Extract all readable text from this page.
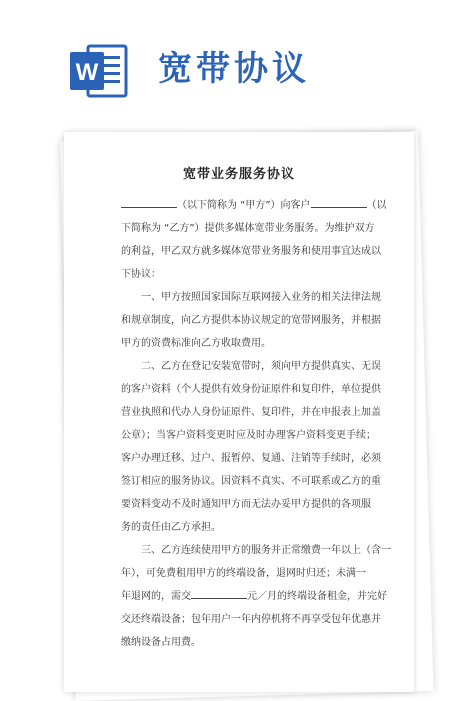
W 宽带协议
宽带业务服务协议
（以下简称为 “甲方”）向客户	（以
下简称为 “乙方”）提供多媒体宽带业务服务。为维护双方
的利益，甲乙双方就多媒体宽带业务服务和使用事宜达成以
下协议：
一、甲方按照国家国际互联网接入业务的相关法律法规
和规章制度，向乙方提供本协议规定的宽带网服务，并根据
甲方的资费标准向乙方收取费用。
二、乙方在登记安装宽带时，须向甲方提供真实、无误
的客户资料（个人提供有效身份证原件和复印件，单位提供
营业执照和代办人身份证原件、复印件，并在申报表上加盖
公章）；当客户资料变更时应及时办理客户资料变更手续；
客户办理迁移、过户、报暂停、复通、注销等手续时，必须
签订相应的服务协议。因资料不真实、不可联系或乙方的重
要资料变动不及时通知甲方而无法办妥甲方提供的各项服
务的责任由乙方承担。
三、乙方连续使用甲方的服务并正常缴费一年以上（含一
年），可免费租用甲方的终端设备，退网时归还；未满一
年退网的，需交	元／月的终端设备租金，并完好
交还终端设备；包年用户一年内停机将不再享受包年优惠并
缴纳设备占用费。
